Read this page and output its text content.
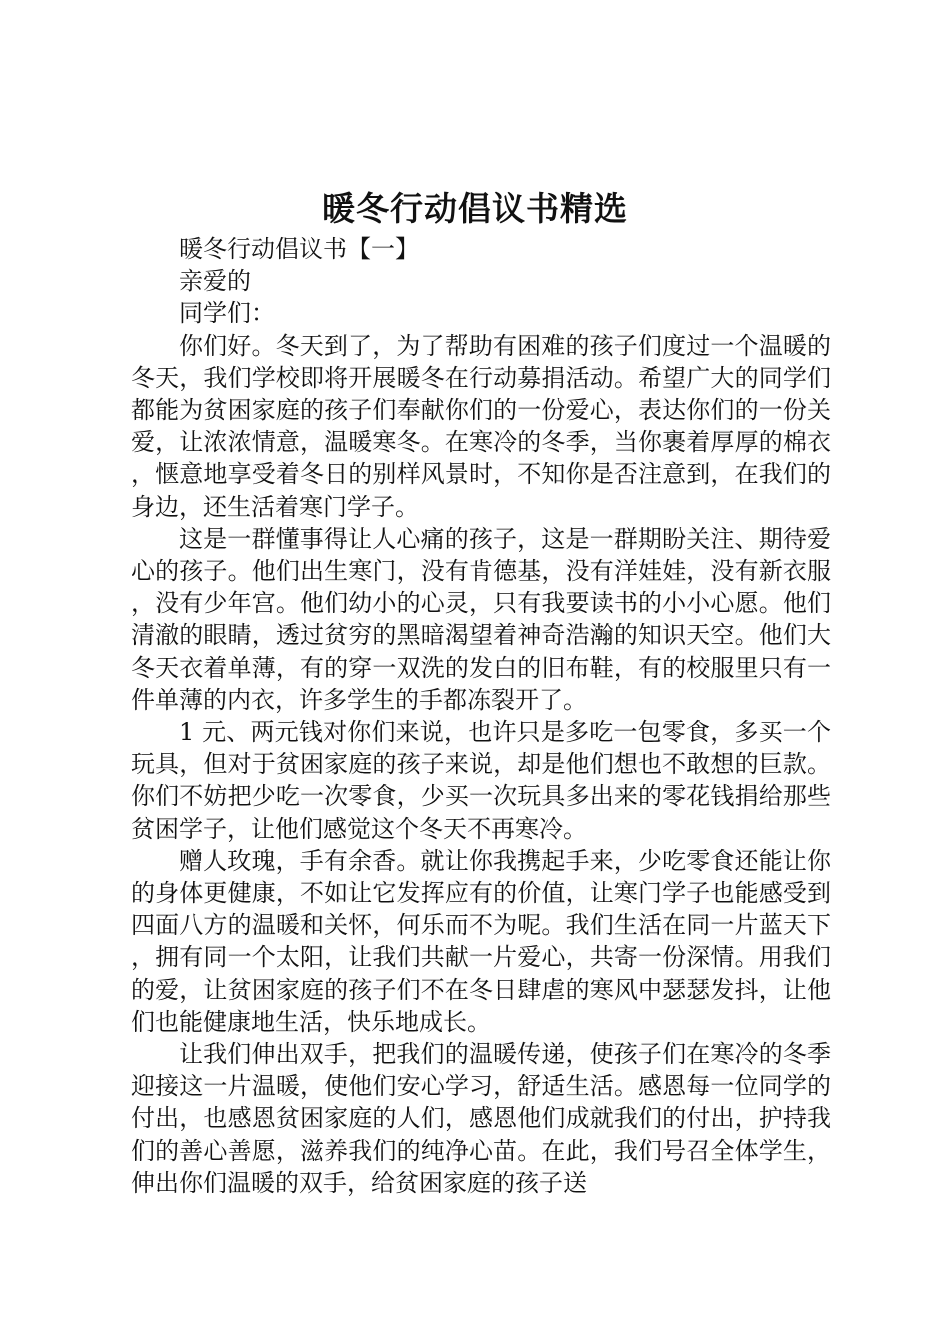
暖冬行动倡议书精选

暖冬行动倡议书【一】

亲爱的

同学们：

你们好。冬天到了，为了帮助有困难的孩子们度过一个温暖的冬天，我们学校即将开展暖冬在行动募捐活动。希望广大的同学们都能为贫困家庭的孩子们奉献你们的一份爱心，表达你们的一份关爱，让浓浓情意，温暖寒冬。在寒冷的冬季，当你裹着厚厚的棉衣，惬意地享受着冬日的别样风景时，不知你是否注意到，在我们的身边，还生活着寒门学子。

这是一群懂事得让人心痛的孩子，这是一群期盼关注、期待爱心的孩子。他们出生寒门，没有肯德基，没有洋娃娃，没有新衣服，没有少年宫。他们幼小的心灵，只有我要读书的小小心愿。他们清澈的眼睛，透过贫穷的黑暗渴望着神奇浩瀚的知识天空。他们大冬天衣着单薄，有的穿一双洗的发白的旧布鞋，有的校服里只有一件单薄的内衣，许多学生的手都冻裂开了。

1 元、两元钱对你们来说，也许只是多吃一包零食，多买一个玩具，但对于贫困家庭的孩子来说，却是他们想也不敢想的巨款。你们不妨把少吃一次零食，少买一次玩具多出来的零花钱捐给那些贫困学子，让他们感觉这个冬天不再寒冷。

赠人玫瑰，手有余香。就让你我携起手来，少吃零食还能让你的身体更健康，不如让它发挥应有的价值，让寒门学子也能感受到四面八方的温暖和关怀，何乐而不为呢。我们生活在同一片蓝天下，拥有同一个太阳，让我们共献一片爱心，共寄一份深情。用我们的爱，让贫困家庭的孩子们不在冬日肆虐的寒风中瑟瑟发抖，让他们也能健康地生活，快乐地成长。

让我们伸出双手，把我们的温暖传递，使孩子们在寒冷的冬季迎接这一片温暖，使他们安心学习，舒适生活。感恩每一位同学的付出，也感恩贫困家庭的人们，感恩他们成就我们的付出，护持我们的善心善愿，滋养我们的纯净心苗。在此，我们号召全体学生，伸出你们温暖的双手，给贫困家庭的孩子送
